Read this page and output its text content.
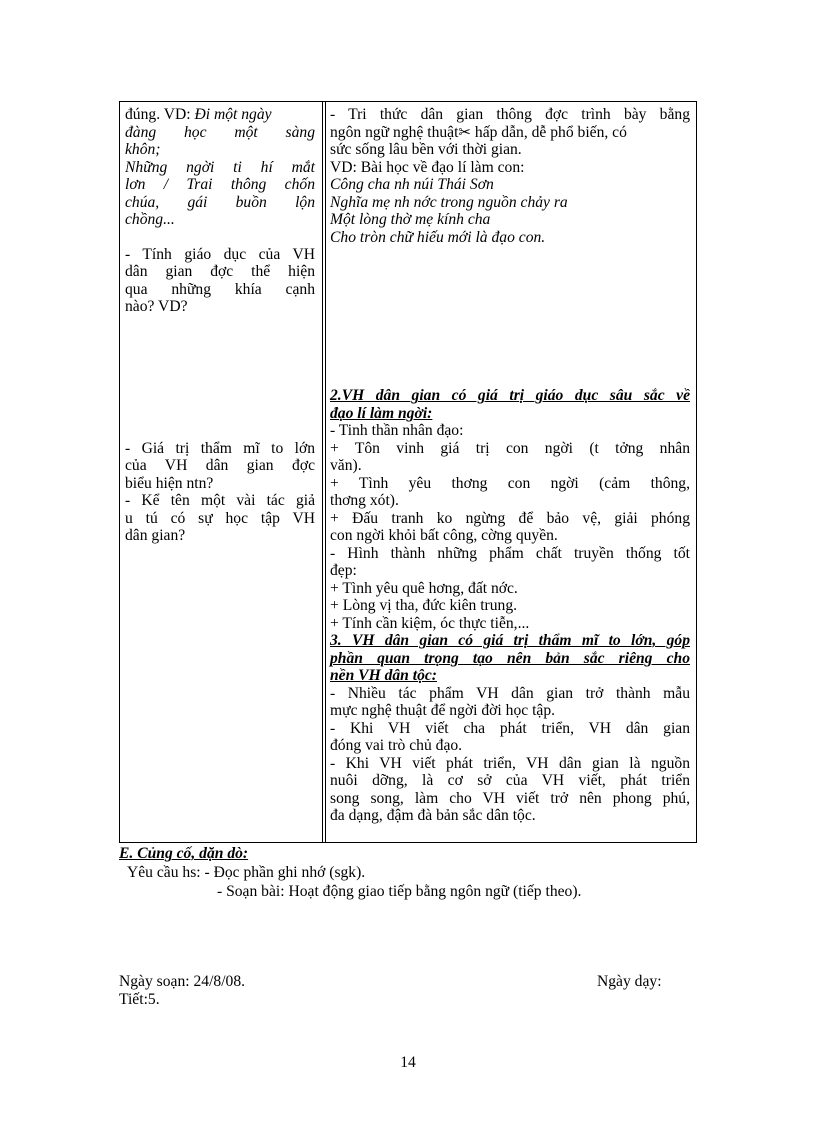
đúng. VD: Đi một ngày
đàng học một sàng
khôn;
Những ngời ti hí mắt
lơn / Trai thông chốn
chúa, gái buồn lộn
chồng...
- Tính giáo dục của VH
dân gian đợc thể hiện
qua những khía cạnh
nào? VD?
- Giá trị thẩm mĩ to lớn
của VH dân gian đợc
biểu hiện ntn?
- Kể tên một vài tác giả
u tú có sự học tập VH
dân gian?
- Tri thức dân gian thông đợc trình bày bằng
ngôn ngữ nghệ thuật✂ hấp dẫn, dễ phổ biến, có
sức sống lâu bền với thời gian.
VD: Bài học về đạo lí làm con:
Công cha nh núi Thái Sơn
Nghĩa mẹ nh nớc trong nguồn chảy ra
Một lòng thờ mẹ kính cha
Cho tròn chữ hiếu mới là đạo con.
2.VH dân gian có giá trị giáo dục sâu sắc về
đạo lí làm ngời:
- Tinh thần nhân đạo:
+ Tôn vinh giá trị con ngời (t tởng nhân
văn).
+ Tình yêu thơng con ngời (cảm thông,
thơng xót).
+ Đấu tranh ko ngừng để bảo vệ, giải phóng
con ngời khỏi bất công, cờng quyền.
- Hình thành những phẩm chất truyền thống tốt
đẹp:
+ Tình yêu quê hơng, đất nớc.
+ Lòng vị tha, đức kiên trung.
+ Tính cần kiệm, óc thực tiễn,...
3. VH dân gian có giá trị thẩm mĩ to lớn, góp
phần quan trọng tạo nên bản sắc riêng cho
nền VH dân tộc:
- Nhiều tác phẩm VH dân gian trở thành mẫu
mực nghệ thuật để ngời đời học tập.
- Khi VH viết cha phát triển, VH dân gian
đóng vai trò chủ đạo.
- Khi VH viết phát triển, VH dân gian là nguồn
nuôi dỡng, là cơ sở của VH viết, phát triển
song song, làm cho VH viết trở nên phong phú,
đa dạng, đậm đà bản sắc dân tộc.
E. Củng cố, dặn dò:
Yêu cầu hs: - Đọc phần ghi nhớ (sgk).
- Soạn bài: Hoạt động giao tiếp bằng ngôn ngữ (tiếp theo).
Ngày soạn: 24/8/08.	Ngày dạy:
Tiết:5.
14
